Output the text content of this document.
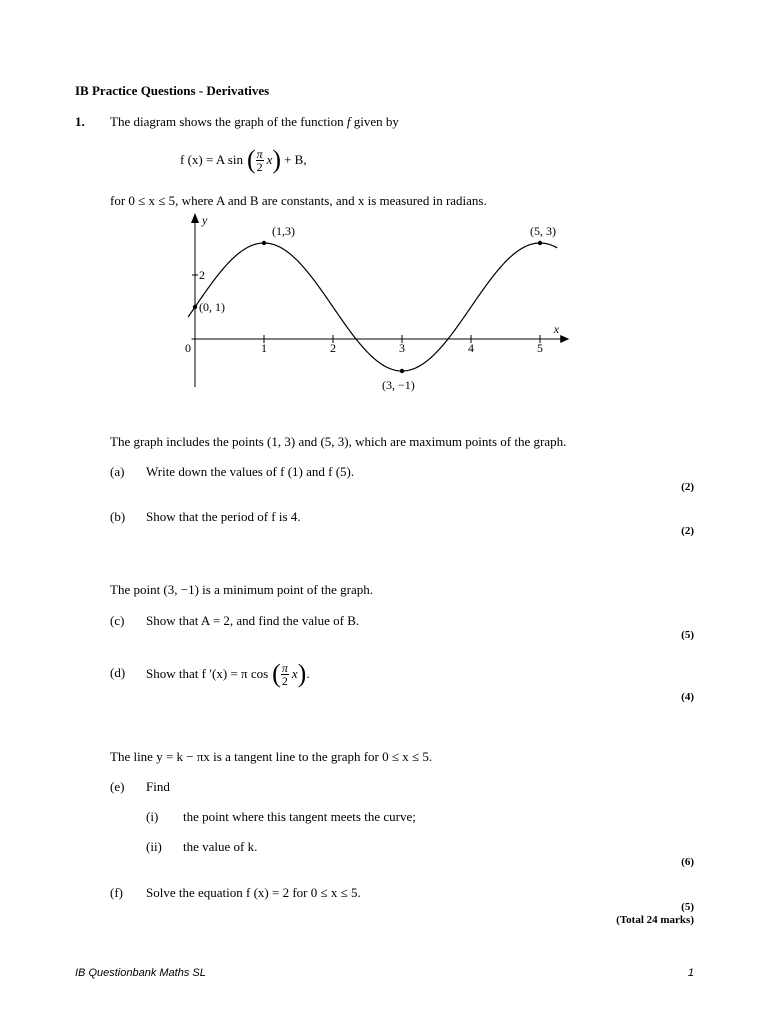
IB Practice Questions - Derivatives
1. The diagram shows the graph of the function f given by
f (x) = A sin ( $\frac{\pi}{2}$ x ) + B,
for 0 ≤ x ≤ 5, where A and B are constants, and x is measured in radians.
y
x
1	2	3	4	5
0
2
(0, 1)
(1,3)
(3, −1)
(5, 3)
The graph includes the points (1, 3) and (5, 3), which are maximum points of the graph.
(a) Write down the values of f (1) and f (5).
(2)
(b) Show that the period of f is 4.
(2)
The point (3, −1) is a minimum point of the graph.
(c) Show that A = 2, and find the value of B.
(5)
(d) Show that f ′(x) = π cos ( $\frac{\pi}{2}$ x ) .
(4)
The line y = k − πx is a tangent line to the graph for 0 ≤ x ≤ 5.
(e) Find
(i) the point where this tangent meets the curve;
(ii) the value of k.
(6)
(f) Solve the equation f (x) = 2 for 0 ≤ x ≤ 5.
(5)
(Total 24 marks)
IB Questionbank Maths SL	1
